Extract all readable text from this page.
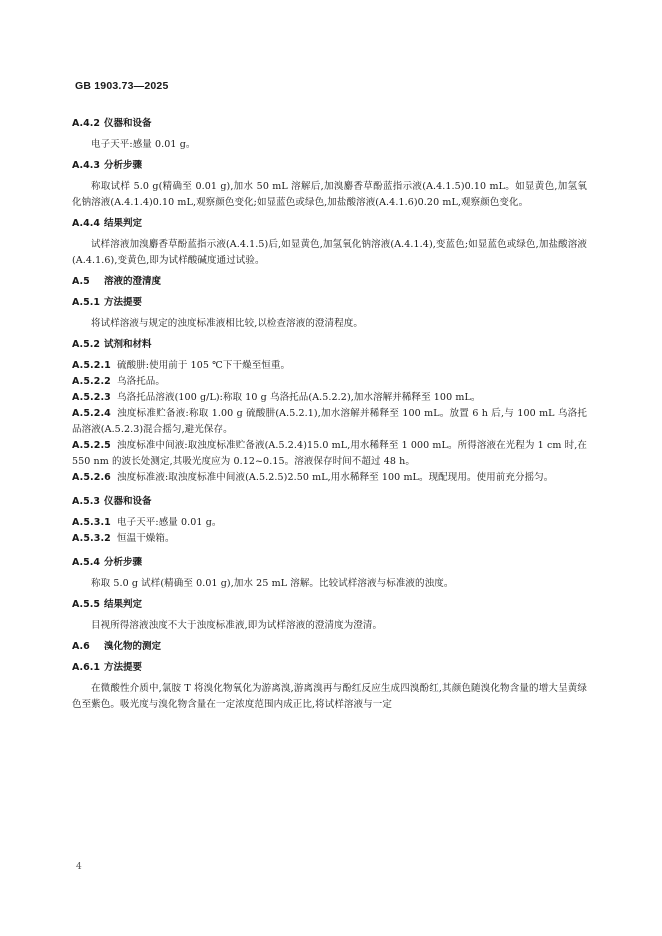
GB 1903.73—2025
A.4.2 仪器和设备
电子天平:感量 0.01 g。
A.4.3 分析步骤
称取试样 5.0 g(精确至 0.01 g),加水 50 mL 溶解后,加溴麝香草酚蓝指示液(A.4.1.5)0.10 mL。如显黄色,加氢氧化钠溶液(A.4.1.4)0.10 mL,观察颜色变化;如显蓝色或绿色,加盐酸溶液(A.4.1.6)0.20 mL,观察颜色变化。
A.4.4 结果判定
试样溶液加溴麝香草酚蓝指示液(A.4.1.5)后,如显黄色,加氢氧化钠溶液(A.4.1.4),变蓝色;如显蓝色或绿色,加盐酸溶液(A.4.1.6),变黄色,即为试样酸碱度通过试验。
A.5 溶液的澄清度
A.5.1 方法提要
将试样溶液与规定的浊度标准液相比较,以检查溶液的澄清程度。
A.5.2 试剂和材料
A.5.2.1 硫酸肼:使用前于 105 ℃下干燥至恒重。
A.5.2.2 乌洛托品。
A.5.2.3 乌洛托品溶液(100 g/L):称取 10 g 乌洛托品(A.5.2.2),加水溶解并稀释至 100 mL。
A.5.2.4 浊度标准贮备液:称取 1.00 g 硫酸肼(A.5.2.1),加水溶解并稀释至 100 mL。放置 6 h 后,与 100 mL 乌洛托品溶液(A.5.2.3)混合摇匀,避光保存。
A.5.2.5 浊度标准中间液:取浊度标准贮备液(A.5.2.4)15.0 mL,用水稀释至 1 000 mL。所得溶液在光程为 1 cm 时,在 550 nm 的波长处测定,其吸光度应为 0.12~0.15。溶液保存时间不超过 48 h。
A.5.2.6 浊度标准液:取浊度标准中间液(A.5.2.5)2.50 mL,用水稀释至 100 mL。现配现用。使用前充分摇匀。
A.5.3 仪器和设备
A.5.3.1 电子天平:感量 0.01 g。
A.5.3.2 恒温干燥箱。
A.5.4 分析步骤
称取 5.0 g 试样(精确至 0.01 g),加水 25 mL 溶解。比较试样溶液与标准液的浊度。
A.5.5 结果判定
目视所得溶液浊度不大于浊度标准液,即为试样溶液的澄清度为澄清。
A.6 溴化物的测定
A.6.1 方法提要
在微酸性介质中,氯胺 T 将溴化物氧化为游离溴,游离溴再与酚红反应生成四溴酚红,其颜色随溴化物含量的增大呈黄绿色至紫色。吸光度与溴化物含量在一定浓度范围内成正比,将试样溶液与一定
4
